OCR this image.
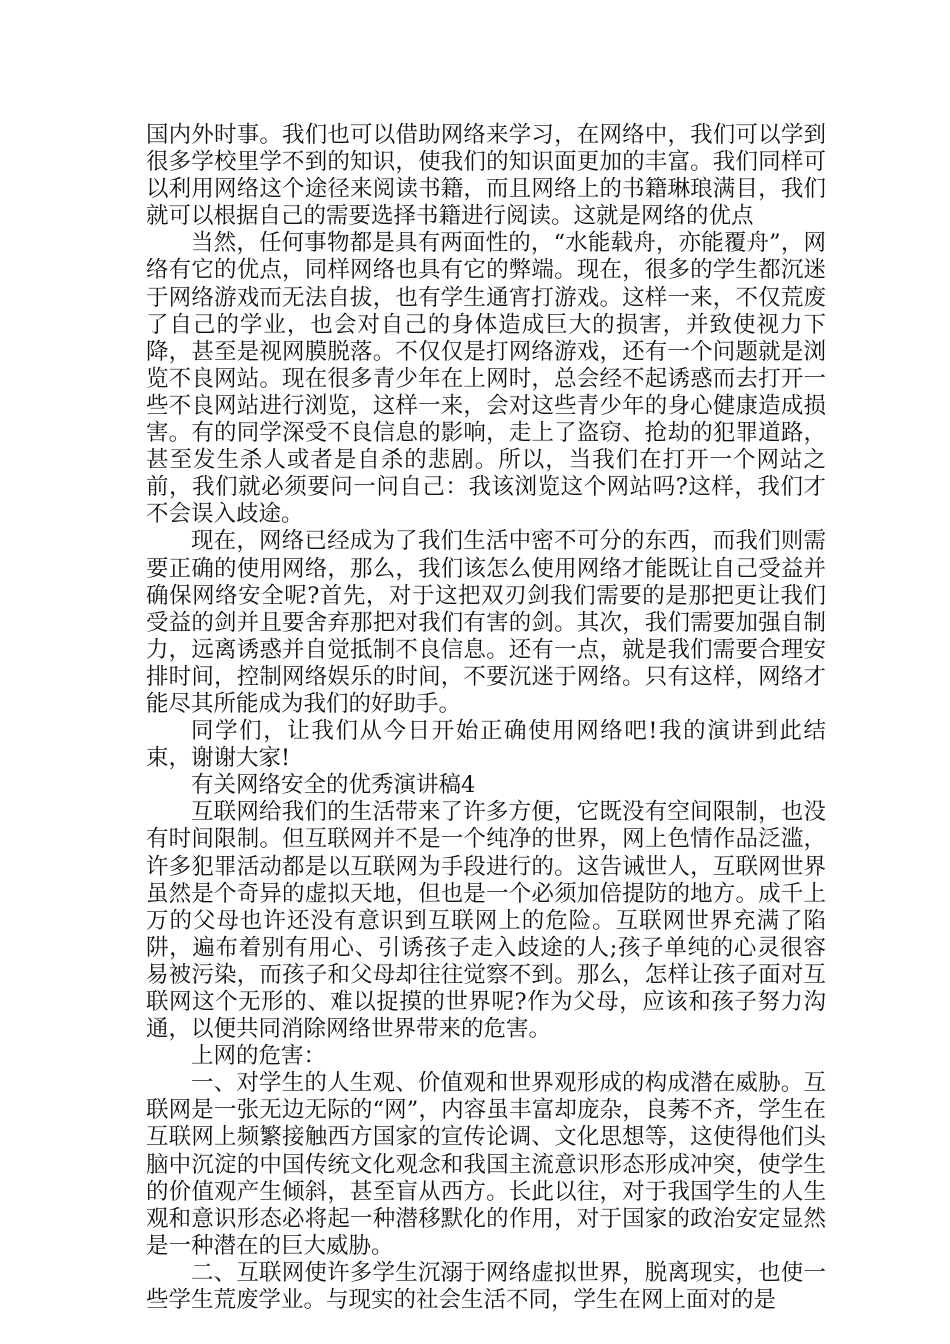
国内外时事。我们也可以借助网络来学习，在网络中，我们可以学到很多学校里学不到的知识，使我们的知识面更加的丰富。我们同样可以利用网络这个途径来阅读书籍，而且网络上的书籍琳琅满目，我们就可以根据自己的需要选择书籍进行阅读。这就是网络的优点

当然，任何事物都是具有两面性的，“水能载舟，亦能覆舟”，网络有它的优点，同样网络也具有它的弊端。现在，很多的学生都沉迷于网络游戏而无法自拔，也有学生通宵打游戏。这样一来，不仅荒废了自己的学业，也会对自己的身体造成巨大的损害，并致使视力下降，甚至是视网膜脱落。不仅仅是打网络游戏，还有一个问题就是浏览不良网站。现在很多青少年在上网时，总会经不起诱惑而去打开一些不良网站进行浏览，这样一来，会对这些青少年的身心健康造成损害。有的同学深受不良信息的影响，走上了盗窃、抢劫的犯罪道路，甚至发生杀人或者是自杀的悲剧。所以，当我们在打开一个网站之前，我们就必须要问一问自己：我该浏览这个网站吗?这样，我们才不会误入歧途。

现在，网络已经成为了我们生活中密不可分的东西，而我们则需要正确的使用网络，那么，我们该怎么使用网络才能既让自己受益并确保网络安全呢?首先，对于这把双刃剑我们需要的是那把更让我们受益的剑并且要舍弃那把对我们有害的剑。其次，我们需要加强自制力，远离诱惑并自觉抵制不良信息。还有一点，就是我们需要合理安排时间，控制网络娱乐的时间，不要沉迷于网络。只有这样，网络才能尽其所能成为我们的好助手。

同学们，让我们从今日开始正确使用网络吧!我的演讲到此结束，谢谢大家!

有关网络安全的优秀演讲稿4

互联网给我们的生活带来了许多方便，它既没有空间限制，也没有时间限制。但互联网并不是一个纯净的世界，网上色情作品泛滥，许多犯罪活动都是以互联网为手段进行的。这告诫世人，互联网世界虽然是个奇异的虚拟天地，但也是一个必须加倍提防的地方。成千上万的父母也许还没有意识到互联网上的危险。互联网世界充满了陷阱，遍布着别有用心、引诱孩子走入歧途的人;孩子单纯的心灵很容易被污染，而孩子和父母却往往觉察不到。那么，怎样让孩子面对互联网这个无形的、难以捉摸的世界呢?作为父母，应该和孩子努力沟通，以便共同消除网络世界带来的危害。

上网的危害：

一、对学生的人生观、价值观和世界观形成的构成潜在威胁。互联网是一张无边无际的“网”，内容虽丰富却庞杂，良莠不齐，学生在互联网上频繁接触西方国家的宣传论调、文化思想等，这使得他们头脑中沉淀的中国传统文化观念和我国主流意识形态形成冲突，使学生的价值观产生倾斜，甚至盲从西方。长此以往，对于我国学生的人生观和意识形态必将起一种潜移默化的作用，对于国家的政治安定显然是一种潜在的巨大威胁。

二、互联网使许多学生沉溺于网络虚拟世界，脱离现实，也使一些学生荒废学业。与现实的社会生活不同，学生在网上面对的是
